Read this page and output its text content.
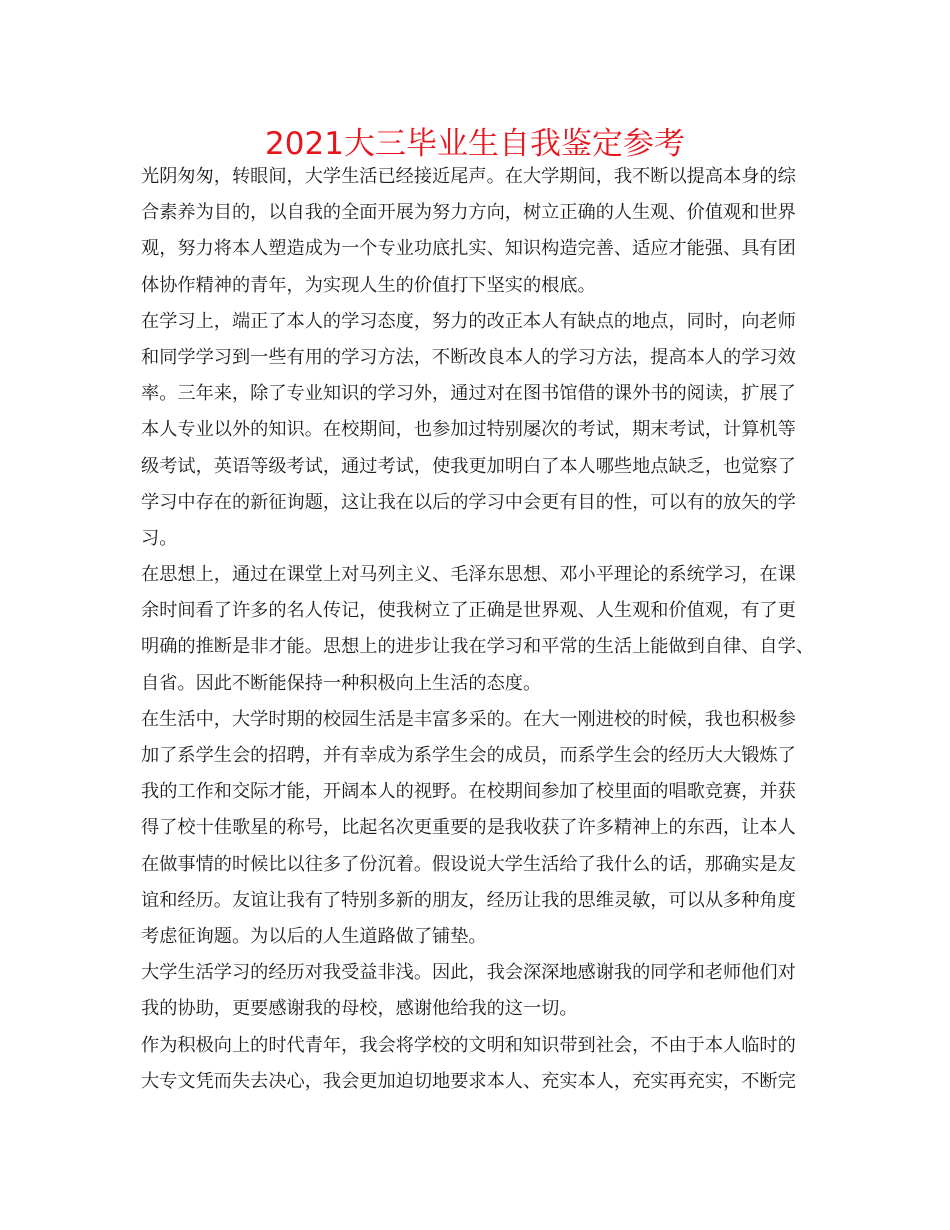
2021大三毕业生自我鉴定参考
光阴匆匆，转眼间，大学生活已经接近尾声。在大学期间，我不断以提高本身的综
合素养为目的，以自我的全面开展为努力方向，树立正确的人生观、价值观和世界
观，努力将本人塑造成为一个专业功底扎实、知识构造完善、适应才能强、具有团
体协作精神的青年，为实现人生的价值打下坚实的根底。
在学习上，端正了本人的学习态度，努力的改正本人有缺点的地点，同时，向老师
和同学学习到一些有用的学习方法，不断改良本人的学习方法，提高本人的学习效
率。三年来，除了专业知识的学习外，通过对在图书馆借的课外书的阅读，扩展了
本人专业以外的知识。在校期间，也参加过特别屡次的考试，期末考试，计算机等
级考试，英语等级考试，通过考试，使我更加明白了本人哪些地点缺乏，也觉察了
学习中存在的新征询题，这让我在以后的学习中会更有目的性，可以有的放矢的学
习。
在思想上，通过在课堂上对马列主义、毛泽东思想、邓小平理论的系统学习，在课
余时间看了许多的名人传记，使我树立了正确是世界观、人生观和价值观，有了更
明确的推断是非才能。思想上的进步让我在学习和平常的生活上能做到自律、自学、
自省。因此不断能保持一种积极向上生活的态度。
在生活中，大学时期的校园生活是丰富多采的。在大一刚进校的时候，我也积极参
加了系学生会的招聘，并有幸成为系学生会的成员，而系学生会的经历大大锻炼了
我的工作和交际才能，开阔本人的视野。在校期间参加了校里面的唱歌竞赛，并获
得了校十佳歌星的称号，比起名次更重要的是我收获了许多精神上的东西，让本人
在做事情的时候比以往多了份沉着。假设说大学生活给了我什么的话，那确实是友
谊和经历。友谊让我有了特别多新的朋友，经历让我的思维灵敏，可以从多种角度
考虑征询题。为以后的人生道路做了铺垫。
大学生活学习的经历对我受益非浅。因此，我会深深地感谢我的同学和老师他们对
我的协助，更要感谢我的母校，感谢他给我的这一切。
作为积极向上的时代青年，我会将学校的文明和知识带到社会，不由于本人临时的
大专文凭而失去决心，我会更加迫切地要求本人、充实本人，充实再充实，不断完
